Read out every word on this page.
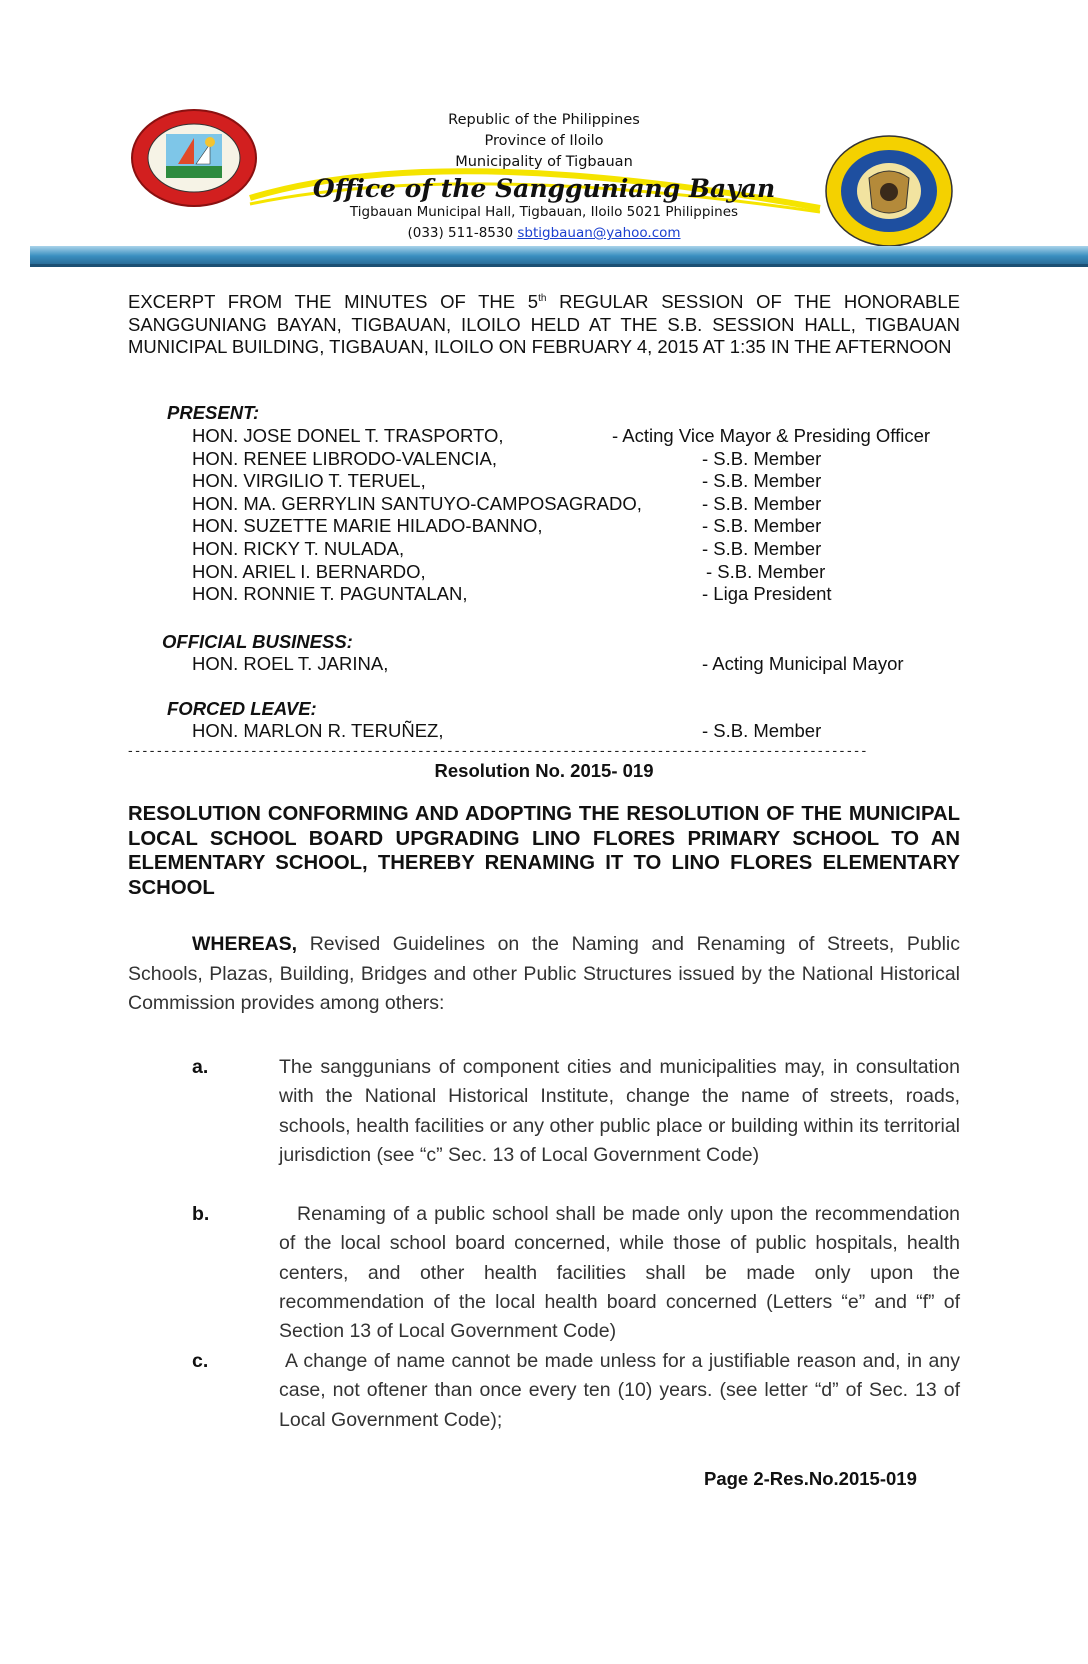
Republic of the Philippines
Province of Iloilo
Municipality of Tigbauan
Office of the Sangguniang Bayan
Tigbauan Municipal Hall, Tigbauan, Iloilo 5021 Philippines
(033) 511-8530 sbtigbauan@yahoo.com
EXCERPT FROM THE MINUTES OF THE 5th REGULAR SESSION OF THE HONORABLE SANGGUNIANG BAYAN, TIGBAUAN, ILOILO HELD AT THE S.B. SESSION HALL, TIGBAUAN MUNICIPAL BUILDING, TIGBAUAN, ILOILO ON FEBRUARY 4, 2015 AT 1:35 IN THE AFTERNOON
PRESENT:
HON. JOSE DONEL T. TRASPORTO,	- Acting Vice Mayor & Presiding Officer
HON. RENEE LIBRODO-VALENCIA,	- S.B. Member
HON. VIRGILIO T. TERUEL,	- S.B. Member
HON. MA. GERRYLIN SANTUYO-CAMPOSAGRADO,	- S.B. Member
HON. SUZETTE MARIE HILADO-BANNO,	- S.B. Member
HON. RICKY T. NULADA,	- S.B. Member
HON. ARIEL I. BERNARDO,	- S.B. Member
HON. RONNIE T. PAGUNTALAN,	- Liga President
OFFICIAL BUSINESS:
HON. ROEL T. JARINA,	- Acting Municipal Mayor
FORCED LEAVE:
HON. MARLON R. TERUÑEZ,	- S.B. Member
------------------------------------------------------------------------------------------------------
Resolution No. 2015- 019
RESOLUTION CONFORMING AND ADOPTING THE RESOLUTION OF THE MUNICIPAL LOCAL SCHOOL BOARD UPGRADING LINO FLORES PRIMARY SCHOOL TO AN ELEMENTARY SCHOOL, THEREBY RENAMING IT TO LINO FLORES ELEMENTARY SCHOOL
WHEREAS, Revised Guidelines on the Naming and Renaming of Streets, Public Schools, Plazas, Building, Bridges and other Public Structures issued by the National Historical Commission provides among others:
a.	The sanggunians of component cities and municipalities may, in consultation with the National Historical Institute, change the name of streets, roads, schools, health facilities or any other public place or building within its territorial jurisdiction (see “c” Sec. 13 of Local Government Code)
b.	Renaming of a public school shall be made only upon the recommendation of the local school board concerned, while those of public hospitals, health centers, and other health facilities shall be made only upon the recommendation of the local health board concerned (Letters “e” and “f” of Section 13 of Local Government Code)
c.	A change of name cannot be made unless for a justifiable reason and, in any case, not oftener than once every ten (10) years. (see letter “d” of Sec. 13 of Local Government Code);
Page 2-Res.No.2015-019
